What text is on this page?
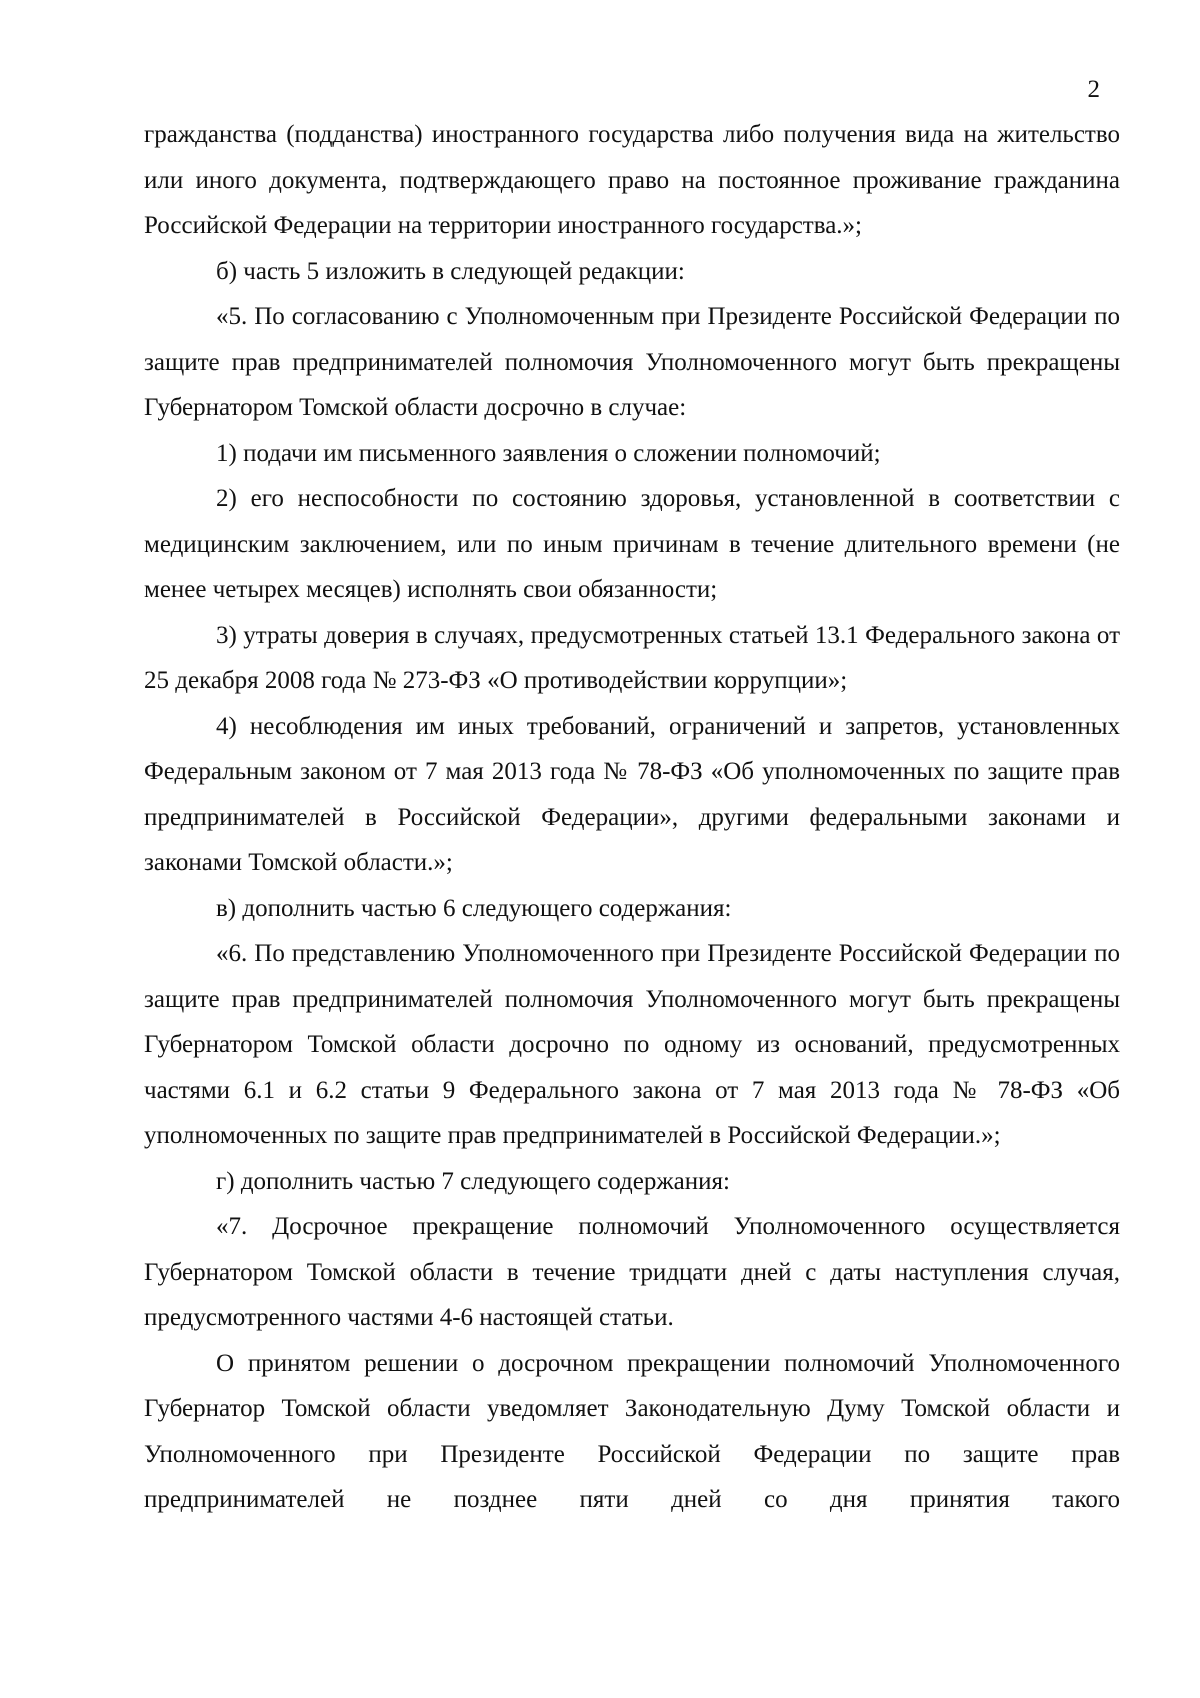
2

гражданства (подданства) иностранного государства либо получения вида на жительство или иного документа, подтверждающего право на постоянное проживание гражданина Российской Федерации на территории иностранного государства.»;

б) часть 5 изложить в следующей редакции:

«5. По согласованию с Уполномоченным при Президенте Российской Федерации по защите прав предпринимателей полномочия Уполномоченного могут быть прекращены Губернатором Томской области досрочно в случае:

1) подачи им письменного заявления о сложении полномочий;

2) его неспособности по состоянию здоровья, установленной в соответствии с медицинским заключением, или по иным причинам в течение длительного времени (не менее четырех месяцев) исполнять свои обязанности;

3) утраты доверия в случаях, предусмотренных статьей 13.1 Федерального закона от 25 декабря 2008 года № 273-ФЗ «О противодействии коррупции»;

4) несоблюдения им иных требований, ограничений и запретов, установленных Федеральным законом от 7 мая 2013 года № 78-ФЗ «Об уполномоченных по защите прав предпринимателей в Российской Федерации», другими федеральными законами и законами Томской области.»;

в) дополнить частью 6 следующего содержания:

«6. По представлению Уполномоченного при Президенте Российской Федерации по защите прав предпринимателей полномочия Уполномоченного могут быть прекращены Губернатором Томской области досрочно по одному из оснований, предусмотренных частями 6.1 и 6.2 статьи 9 Федерального закона от 7 мая 2013 года № 78-ФЗ «Об уполномоченных по защите прав предпринимателей в Российской Федерации.»;

г) дополнить частью 7 следующего содержания:

«7. Досрочное прекращение полномочий Уполномоченного осуществляется Губернатором Томской области в течение тридцати дней с даты наступления случая, предусмотренного частями 4-6 настоящей статьи.

О принятом решении о досрочном прекращении полномочий Уполномоченного Губернатор Томской области уведомляет Законодательную Думу Томской области и Уполномоченного при Президенте Российской Федерации по защите прав предпринимателей не позднее пяти дней со дня принятия такого
